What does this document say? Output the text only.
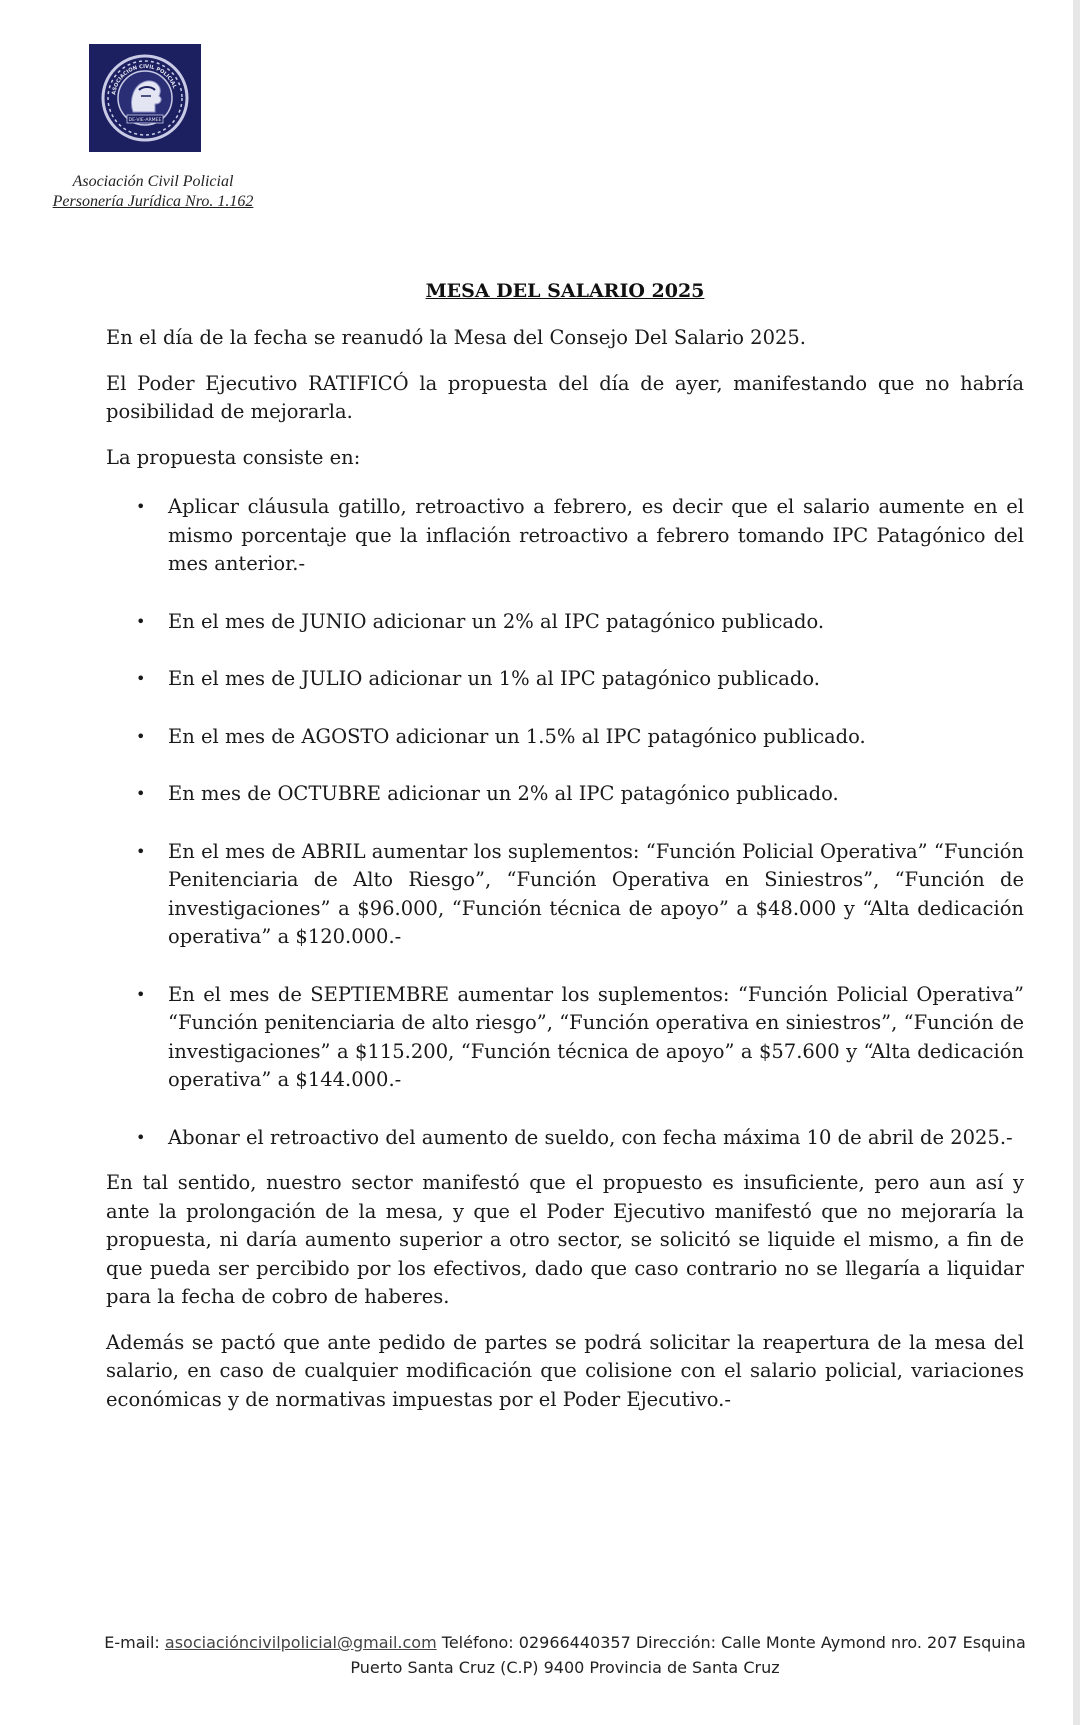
ASOCIACION CIVIL POLICIAL
DE-VIE-ARMEE
Asociación Civil Policial
Personería Jurídica Nro. 1.162
MESA DEL SALARIO 2025

En el día de la fecha se reanudó la Mesa del Consejo Del Salario 2025.

El Poder Ejecutivo RATIFICÓ la propuesta del día de ayer, manifestando que no habría posibilidad de mejorarla.

La propuesta consiste en:

• Aplicar cláusula gatillo, retroactivo a febrero, es decir que el salario aumente en el mismo porcentaje que la inflación retroactivo a febrero tomando IPC Patagónico del mes anterior.-
• En el mes de JUNIO adicionar un 2% al IPC patagónico publicado.
• En el mes de JULIO adicionar un 1% al IPC patagónico publicado.
• En el mes de AGOSTO adicionar un 1.5% al IPC patagónico publicado.
• En mes de OCTUBRE adicionar un 2% al IPC patagónico publicado.
• En el mes de ABRIL aumentar los suplementos: “Función Policial Operativa” “Función Penitenciaria de Alto Riesgo”, “Función Operativa en Siniestros”, “Función de investigaciones” a $96.000, “Función técnica de apoyo” a $48.000 y “Alta dedicación operativa” a $120.000.-
• En el mes de SEPTIEMBRE aumentar los suplementos: “Función Policial Operativa” “Función penitenciaria de alto riesgo”, “Función operativa en siniestros”, “Función de investigaciones” a $115.200, “Función técnica de apoyo” a $57.600 y “Alta dedicación operativa” a $144.000.-
• Abonar el retroactivo del aumento de sueldo, con fecha máxima 10 de abril de 2025.-

En tal sentido, nuestro sector manifestó que el propuesto es insuficiente, pero aun así y ante la prolongación de la mesa, y que el Poder Ejecutivo manifestó que no mejoraría la propuesta, ni daría aumento superior a otro sector, se solicitó se liquide el mismo, a fin de que pueda ser percibido por los efectivos, dado que caso contrario no se llegaría a liquidar para la fecha de cobro de haberes.

Además se pactó que ante pedido de partes se podrá solicitar la reapertura de la mesa del salario, en caso de cualquier modificación que colisione con el salario policial, variaciones económicas y de normativas impuestas por el Poder Ejecutivo.-

E-mail: asociacióncivilpolicial@gmail.com Teléfono: 02966440357 Dirección: Calle Monte Aymond nro. 207 Esquina
Puerto Santa Cruz (C.P) 9400 Provincia de Santa Cruz
